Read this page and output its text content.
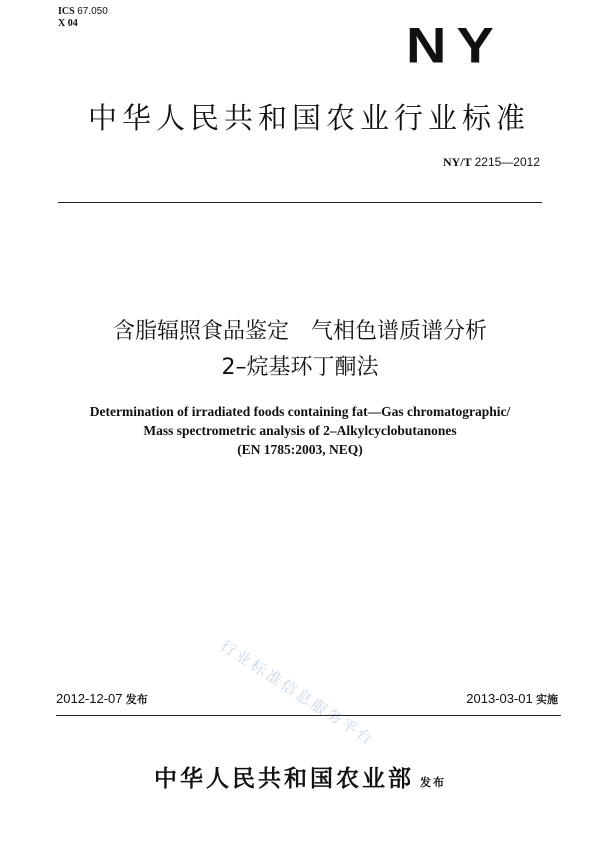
ICS 67.050
X 04	NY
中华人民共和国农业行业标准
NY/T 2215—2012
含脂辐照食品鉴定 气相色谱质谱分析
2–烷基环丁酮法
Determination of irradiated foods containing fat—Gas chromatographic/
Mass spectrometric analysis of 2–Alkylcyclobutanones
(EN 1785:2003, NEQ)
行业标准信息服务平台
2012-12-07 发布	2013-03-01 实施
中华人民共和国农业部 发布
